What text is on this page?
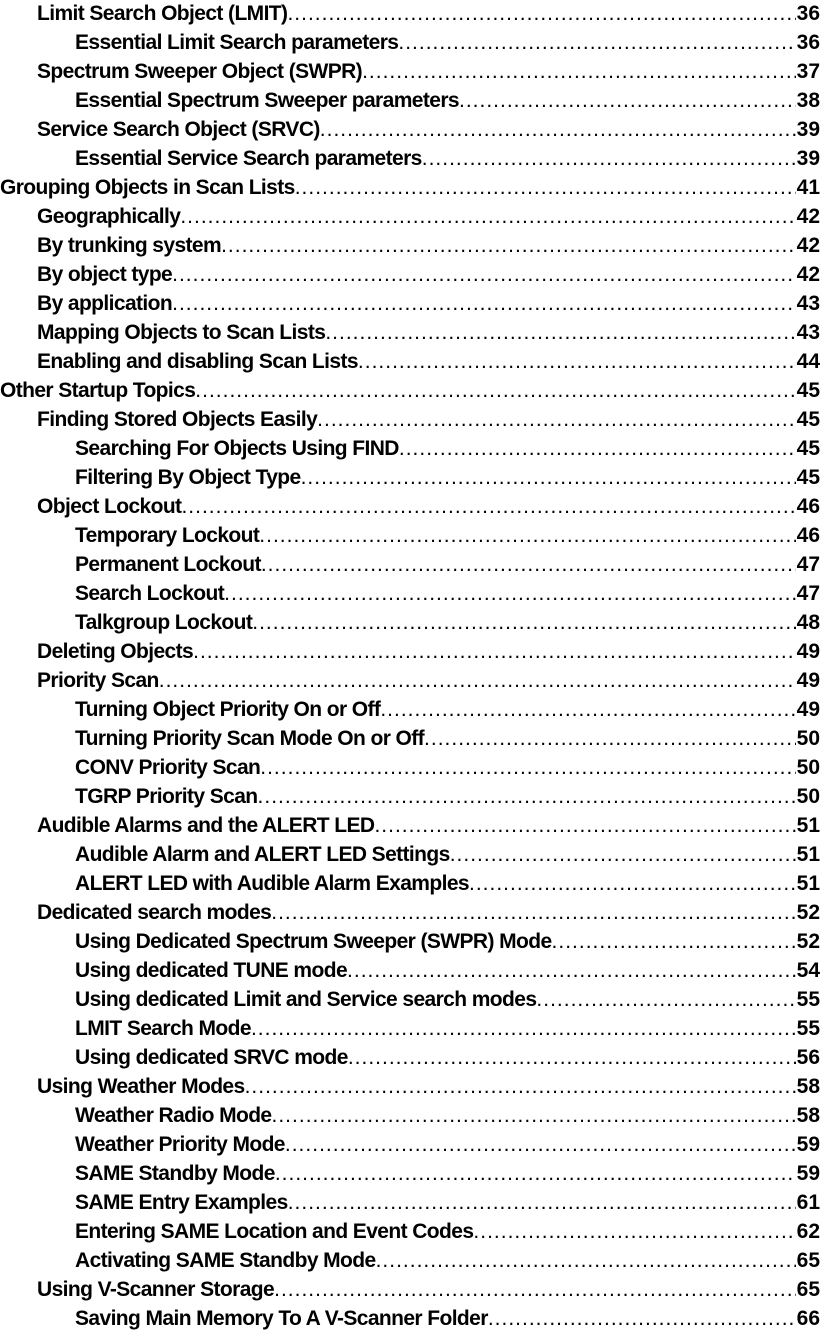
Limit Search Object (LMIT) .....	36
Essential Limit Search parameters .....	36
Spectrum Sweeper Object (SWPR) .....	37
Essential Spectrum Sweeper parameters .....	38
Service Search Object (SRVC) .....	39
Essential Service Search parameters .....	39
Grouping Objects in Scan Lists .....	41
Geographically .....	42
By trunking system .....	42
By object type .....	42
By application .....	43
Mapping Objects to Scan Lists .....	43
Enabling and disabling Scan Lists .....	44
Other Startup Topics .....	45
Finding Stored Objects Easily .....	45
Searching For Objects Using FIND .....	45
Filtering By Object Type .....	45
Object Lockout .....	46
Temporary Lockout .....	46
Permanent Lockout .....	47
Search Lockout .....	47
Talkgroup Lockout .....	48
Deleting Objects .....	49
Priority Scan .....	49
Turning Object Priority On or Off .....	49
Turning Priority Scan Mode On or Off .....	50
CONV Priority Scan .....	50
TGRP Priority Scan .....	50
Audible Alarms and the ALERT LED .....	51
Audible Alarm and ALERT LED Settings .....	51
ALERT LED with Audible Alarm Examples .....	51
Dedicated search modes .....	52
Using Dedicated Spectrum Sweeper (SWPR) Mode .....	52
Using dedicated TUNE mode .....	54
Using dedicated Limit and Service search modes .....	55
LMIT Search Mode .....	55
Using dedicated SRVC mode .....	56
Using Weather Modes .....	58
Weather Radio Mode .....	58
Weather Priority Mode .....	59
SAME Standby Mode .....	59
SAME Entry Examples .....	61
Entering SAME Location and Event Codes .....	62
Activating SAME Standby Mode .....	65
Using V-Scanner Storage .....	65
Saving Main Memory To A V-Scanner Folder .....	66
